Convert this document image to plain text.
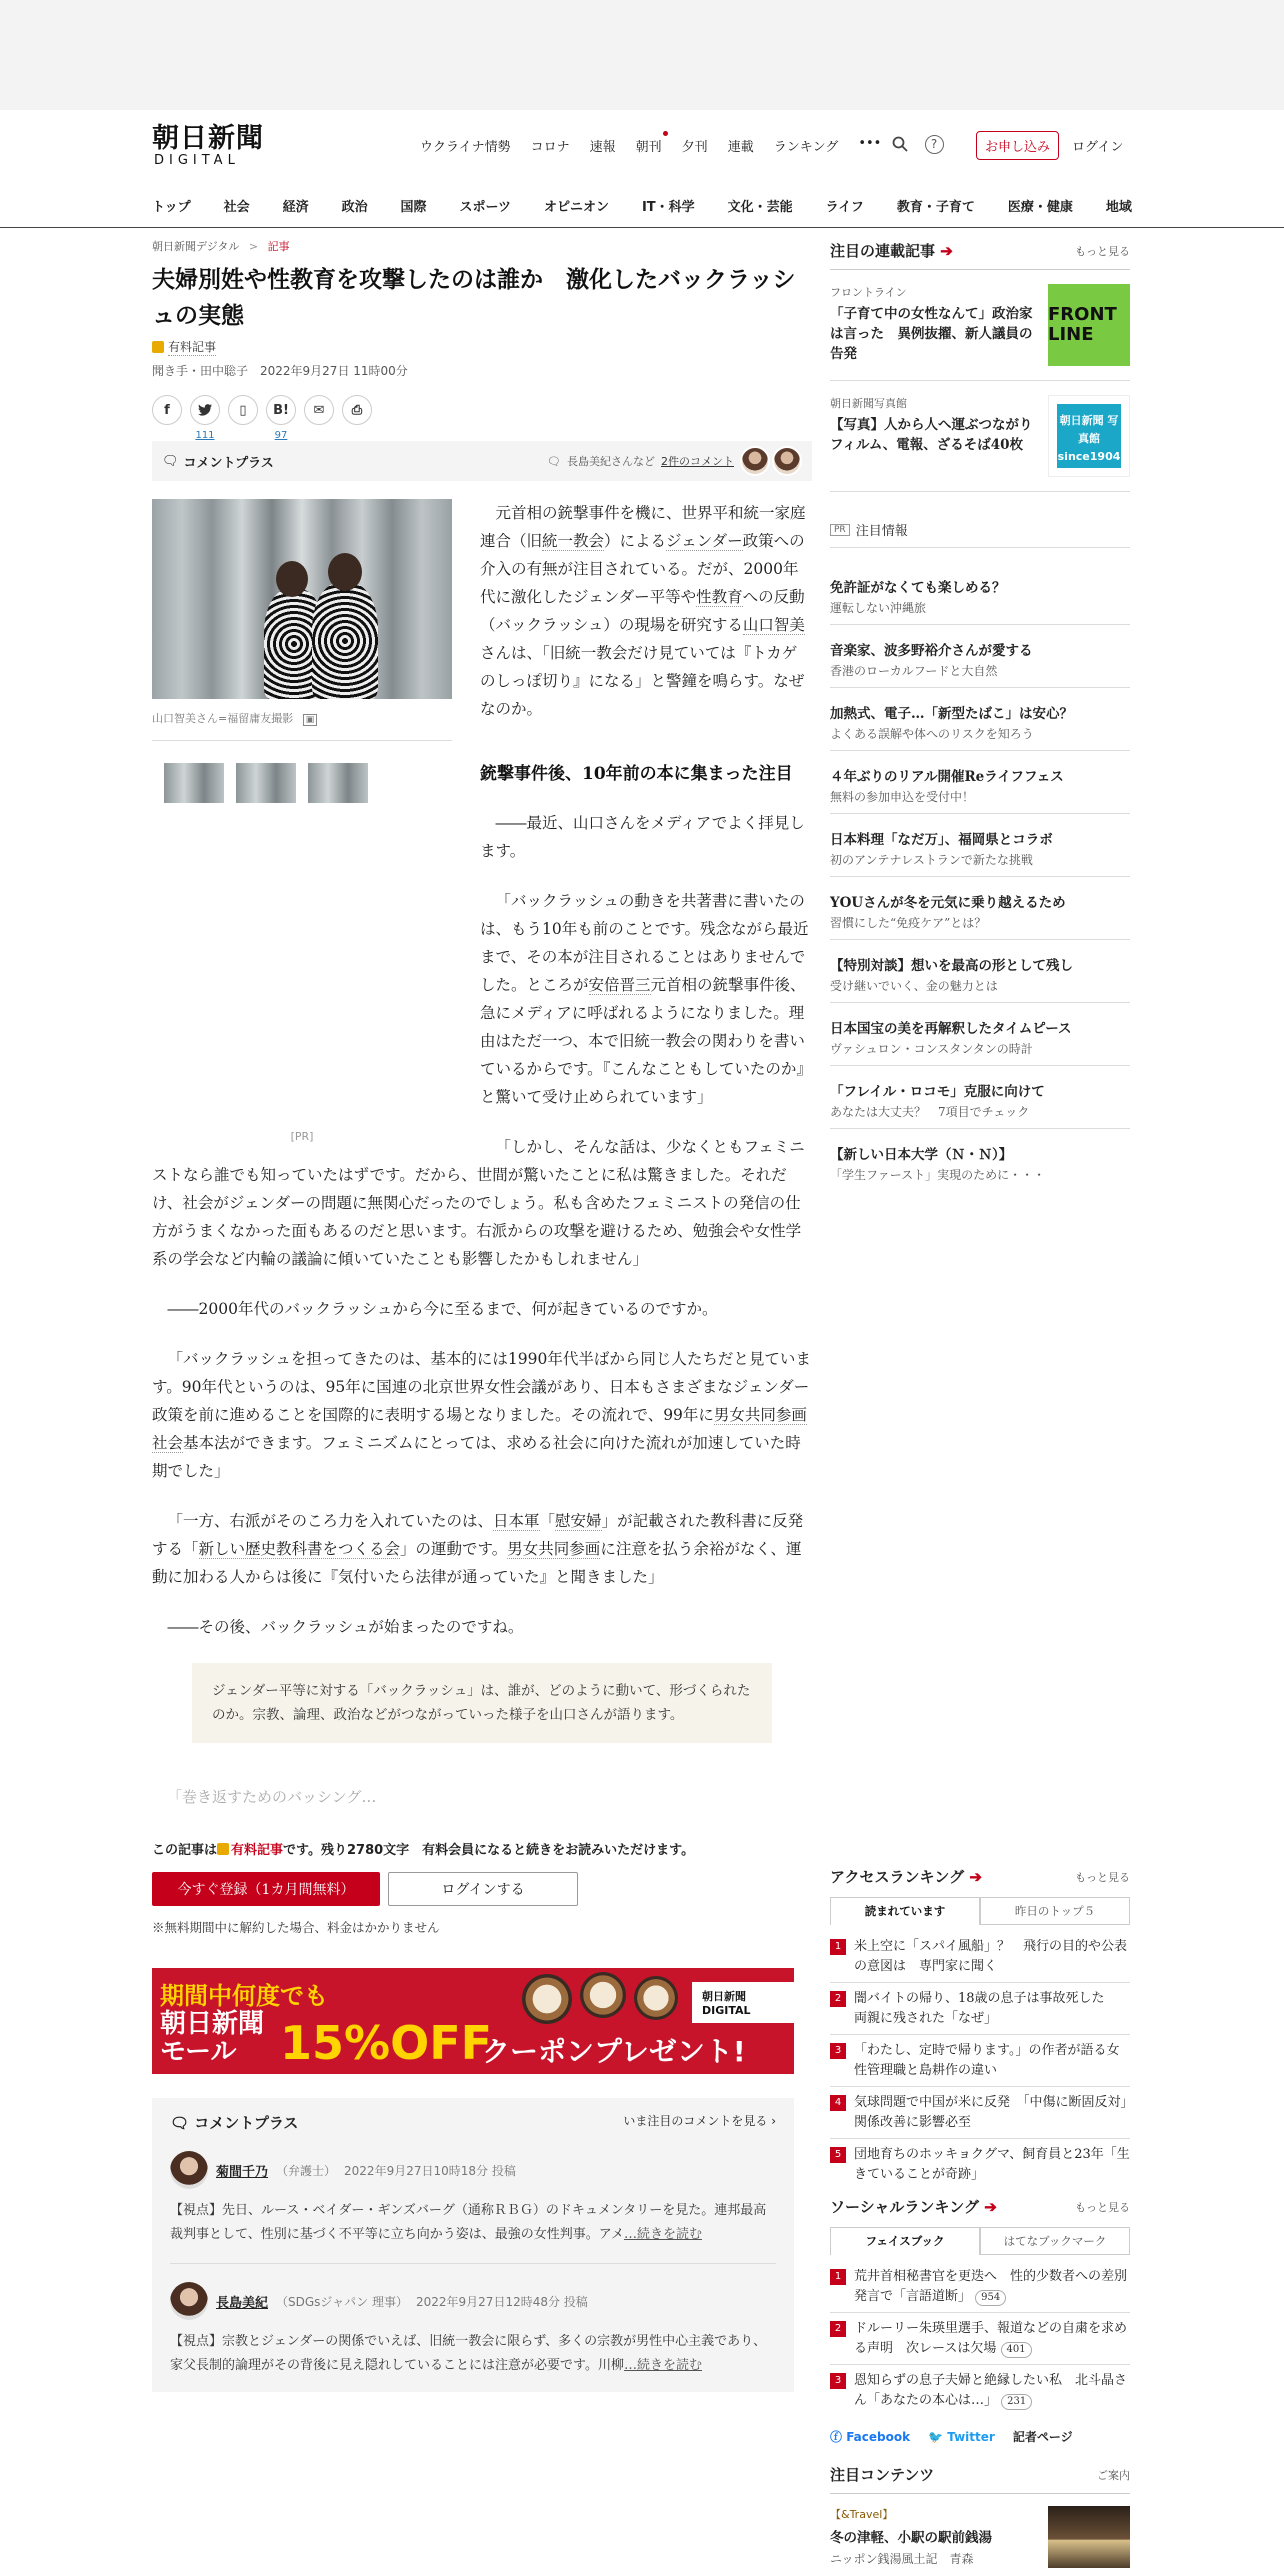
朝日新聞
DIGITAL
ウクライナ情勢 コロナ 速報 朝刊 夕刊 連載 ランキング •••	?	お申し込み	ログイン
トップ	社会	経済	政治	国際	スポーツ	オピニオン	IT・科学	文化・芸能	ライフ	教育・子育て	医療・健康	地域
朝日新聞デジタル > 記事
夫婦別姓や性教育を攻撃したのは誰か　激化したバックラッシュの実態
有料記事
聞き手・田中聡子　2022年9月27日 11時00分
f
111
▯	B!
97
✉	⎙
🗨 コメントプラス	🗨 長島美紀さんなど 2件のコメント
山口智美さん=福留庸友撮影 ▣
[PR]

元首相の銃撃事件を機に、世界平和統一家庭連合（旧統一教会）によるジェンダー政策への介入の有無が注目されている。だが、2000年代に激化したジェンダー平等や性教育への反動（バックラッシュ）の現場を研究する山口智美さんは、「旧統一教会だけ見ていては『トカゲのしっぽ切り』になる」と警鐘を鳴らす。なぜなのか。

銃撃事件後、10年前の本に集まった注目

――最近、山口さんをメディアでよく拝見します。

「バックラッシュの動きを共著書に書いたのは、もう10年も前のことです。残念ながら最近まで、その本が注目されることはありませんでした。ところが安倍晋三元首相の銃撃事件後、急にメディアに呼ばれるようになりました。理由はただ一つ、本で旧統一教会の関わりを書いているからです。『こんなこともしていたのか』と驚いて受け止められています」

「しかし、そんな話は、少なくともフェミニストなら誰でも知っていたはずです。だから、世間が驚いたことに私は驚きました。それだけ、社会がジェンダーの問題に無関心だったのでしょう。私も含めたフェミニストの発信の仕方がうまくなかった面もあるのだと思います。右派からの攻撃を避けるため、勉強会や女性学系の学会など内輪の議論に傾いていたことも影響したかもしれません」

――2000年代のバックラッシュから今に至るまで、何が起きているのですか。

「バックラッシュを担ってきたのは、基本的には1990年代半ばから同じ人たちだと見ています。90年代というのは、95年に国連の北京世界女性会議があり、日本もさまざまなジェンダー政策を前に進めることを国際的に表明する場となりました。その流れで、99年に男女共同参画社会基本法ができます。フェミニズムにとっては、求める社会に向けた流れが加速していた時期でした」

「一方、右派がそのころ力を入れていたのは、日本軍「慰安婦」が記載された教科書に反発する「新しい歴史教科書をつくる会」の運動です。男女共同参画に注意を払う余裕がなく、運動に加わる人からは後に『気付いたら法律が通っていた』と聞きました」

――その後、バックラッシュが始まったのですね。

ジェンダー平等に対する「バックラッシュ」は、誰が、どのように動いて、形づくられたのか。宗教、論理、政治などがつながっていった様子を山口さんが語ります。
「巻き返すためのバッシング…
この記事は 有料記事です。残り2780文字　有料会員になると続きをお読みいただけます。
今すぐ登録（1カ月間無料）	ログインする
※無料期間中に解約した場合、料金はかかりません
期間中何度でも
朝日新聞
モール 15%OFF
クーポンプレゼント!
朝日新聞 DIGITAL
🗨 コメントプラス	いま注目のコメントを見る ›
菊間千乃 （弁護士） 2022年9月27日10時18分 投稿
【視点】先日、ルース・ベイダー・ギンズバーグ（通称ＲＢＧ）のドキュメンタリーを見た。連邦最高裁判事として、性別に基づく不平等に立ち向かう姿は、最強の女性判事。アメ…続きを読む
長島美紀 （SDGsジャパン 理事） 2022年9月27日12時48分 投稿
【視点】宗教とジェンダーの関係でいえば、旧統一教会に限らず、多くの宗教が男性中心主義であり、家父長制的論理がその背後に見え隠れしていることには注意が必要です。川柳…続きを読む
注目の連載記事 ➔	もっと見る
フロントライン
「子育て中の女性なんて」政治家は言った　異例抜擢、新人議員の告発
FRONT LINE
朝日新聞写真館
【写真】人から人へ運ぶつながり　フィルム、電報、ざるそば40枚
朝日新聞 写真館 since1904
PR 注目情報
免許証がなくても楽しめる？
運転しない沖縄旅
音楽家、波多野裕介さんが愛する
香港のローカルフードと大自然
加熱式、電子…「新型たばこ」は安心？
よくある誤解や体へのリスクを知ろう
４年ぶりのリアル開催Reライフフェス
無料の参加申込を受付中！
日本料理「なだ万」、福岡県とコラボ
初のアンテナレストランで新たな挑戦
YOUさんが冬を元気に乗り越えるため
習慣にした“免疫ケア”とは？
【特別対談】想いを最高の形として残し
受け継いでいく、金の魅力とは
日本国宝の美を再解釈したタイムピース
ヴァシュロン・コンスタンタンの時計
「フレイル・ロコモ」克服に向けて
あなたは大丈夫？　7項目でチェック
【新しい日本大学（Ｎ・Ｎ）】
「学生ファースト」実現のために・・・
アクセスランキング ➔	もっと見る
読まれています	昨日のトップ５
1 米上空に「スパイ風船」？　飛行の目的や公表の意図は　専門家に聞く
2 闇バイトの帰り、18歳の息子は事故死した　両親に残された「なぜ」
3 「わたし、定時で帰ります。」の作者が語る女性管理職と島耕作の違い
4 気球問題で中国が米に反発　「中傷に断固反対」　関係改善に影響必至
5 団地育ちのホッキョクグマ、飼育員と23年「生きていることが奇跡」
ソーシャルランキング ➔	もっと見る
フェイスブック	はてなブックマーク
1 荒井首相秘書官を更迭へ　性的少数者への差別発言で「言語道断」 954
2 ドルーリー朱瑛里選手、報道などの自粛を求める声明　次レースは欠場 401
3 恩知らずの息子夫婦と絶縁したい私　北斗晶さん「あなたの本心は…」 231
ⓕ Facebook 🐦 Twitter 記者ページ
注目コンテンツ	ご案内
【&Travel】
冬の津軽、小駅の駅前銭湯
ニッポン銭湯風土記　青森
